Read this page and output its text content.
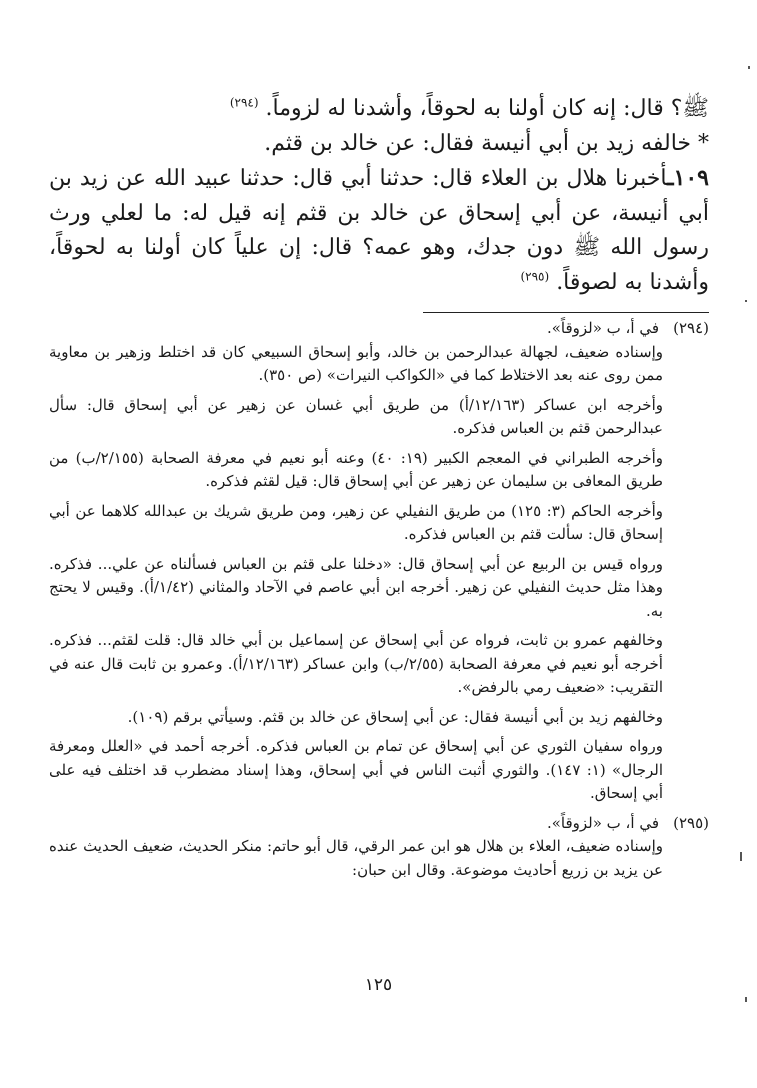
ﷺ؟ قال: إنه كان أولنا به لحوقاً، وأشدنا له لزوماً. $^{(٢٩٤)}$

* خالفه زيد بن أبي أنيسة فقال: عن خالد بن قثم.

١٠٩ـأخبرنا هلال بن العلاء قال: حدثنا أبي قال: حدثنا عبيد الله عن زيد بن أبي أنيسة، عن أبي إسحاق عن خالد بن قثم إنه قيل له: ما لعلي ورث رسول الله ﷺ دون جدك، وهو عمه؟ قال: إن علياً كان أولنا به لحوقاً، وأشدنا به لصوقاً. $^{(٢٩٥)}$

(٢٩٤)في أ، ب «لزوقاً».

وإسناده ضعيف، لجهالة عبدالرحمن بن خالد، وأبو إسحاق السبيعي كان قد اختلط وزهير بن معاوية ممن روى عنه بعد الاختلاط كما في «الكواكب النيرات» (ص ٣٥٠).

وأخرجه ابن عساكر (١٢/١٦٣/أ) من طريق أبي غسان عن زهير عن أبي إسحاق قال: سأل عبدالرحمن قثم بن العباس فذكره.

وأخرجه الطبراني في المعجم الكبير (١٩: ٤٠) وعنه أبو نعيم في معرفة الصحابة (٢/١٥٥/ب) من طريق المعافى بن سليمان عن زهير عن أبي إسحاق قال: قيل لقثم فذكره.

وأخرجه الحاكم (٣: ١٢٥) من طريق النفيلي عن زهير، ومن طريق شريك بن عبدالله كلاهما عن أبي إسحاق قال: سألت قثم بن العباس فذكره.

ورواه قيس بن الربيع عن أبي إسحاق قال: «دخلنا على قثم بن العباس فسألناه عن علي... فذكره. وهذا مثل حديث النفيلي عن زهير. أخرجه ابن أبي عاصم في الآحاد والمثاني (١/٤٢/أ). وقيس لا يحتج به.

وخالفهم عمرو بن ثابت، فرواه عن أبي إسحاق عن إسماعيل بن أبي خالد قال: قلت لقثم... فذكره. أخرجه أبو نعيم في معرفة الصحابة (٢/٥٥/ب) وابن عساكر (١٢/١٦٣/أ). وعمرو بن ثابت قال عنه في التقريب: «ضعيف رمي بالرفض».

وخالفهم زيد بن أبي أنيسة فقال: عن أبي إسحاق عن خالد بن قثم. وسيأتي برقم (١٠٩).

ورواه سفيان الثوري عن أبي إسحاق عن تمام بن العباس فذكره. أخرجه أحمد في «العلل ومعرفة الرجال» (١: ١٤٧). والثوري أثبت الناس في أبي إسحاق، وهذا إسناد مضطرب قد اختلف فيه على أبي إسحاق.

(٢٩٥)في أ، ب «لزوقاً».

وإسناده ضعيف، العلاء بن هلال هو ابن عمر الرقي، قال أبو حاتم: منكر الحديث، ضعيف الحديث عنده عن يزيد بن زريع أحاديث موضوعة. وقال ابن حبان:

١٢٥
